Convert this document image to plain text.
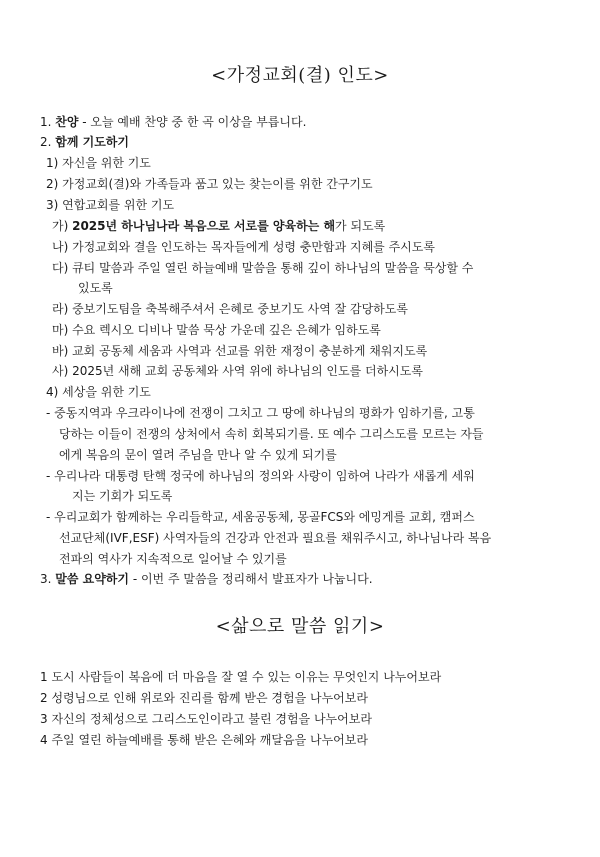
<가정교회(결) 인도>
1. 찬양 - 오늘 예배 찬양 중 한 곡 이상을 부릅니다.
2. 함께 기도하기
1) 자신을 위한 기도
2) 가정교회(결)와 가족들과 품고 있는 찾는이를 위한 간구기도
3) 연합교회를 위한 기도
가) 2025년 하나님나라 복음으로 서로를 양육하는 해가 되도록
나) 가정교회와 결을 인도하는 목자들에게 성령 충만함과 지혜를 주시도록
다) 큐티 말씀과 주일 열린 하늘예배 말씀을 통해 깊이 하나님의 말씀을 묵상할 수
있도록
라) 중보기도팀을 축복해주셔서 은혜로 중보기도 사역 잘 감당하도록
마) 수요 렉시오 디비나 말씀 묵상 가운데 깊은 은혜가 임하도록
바) 교회 공동체 세움과 사역과 선교를 위한 재정이 충분하게 채워지도록
사) 2025년 새해 교회 공동체와 사역 위에 하나님의 인도를 더하시도록
4) 세상을 위한 기도
- 중동지역과 우크라이나에 전쟁이 그치고 그 땅에 하나님의 평화가 임하기를, 고통
당하는 이들이 전쟁의 상처에서 속히 회복되기를. 또 예수 그리스도를 모르는 자들
에게 복음의 문이 열려 주님을 만나 알 수 있게 되기를
- 우리나라 대통령 탄핵 정국에 하나님의 정의와 사랑이 임하여 나라가 새롭게 세워
지는 기회가 되도록
- 우리교회가 함께하는 우리들학교, 세움공동체, 몽골FCS와 에밍게를 교회, 캠퍼스
선교단체(IVF,ESF) 사역자들의 건강과 안전과 필요를 채워주시고, 하나님나라 복음
전파의 역사가 지속적으로 일어날 수 있기를
3. 말씀 요약하기 - 이번 주 말씀을 정리해서 발표자가 나눕니다.
<삶으로 말씀 읽기>
1 도시 사람들이 복음에 더 마음을 잘 열 수 있는 이유는 무엇인지 나누어보라
2 성령님으로 인해 위로와 진리를 함께 받은 경험을 나누어보라
3 자신의 정체성으로 그리스도인이라고 불린 경험을 나누어보라
4 주일 열린 하늘예배를 통해 받은 은혜와 깨달음을 나누어보라
